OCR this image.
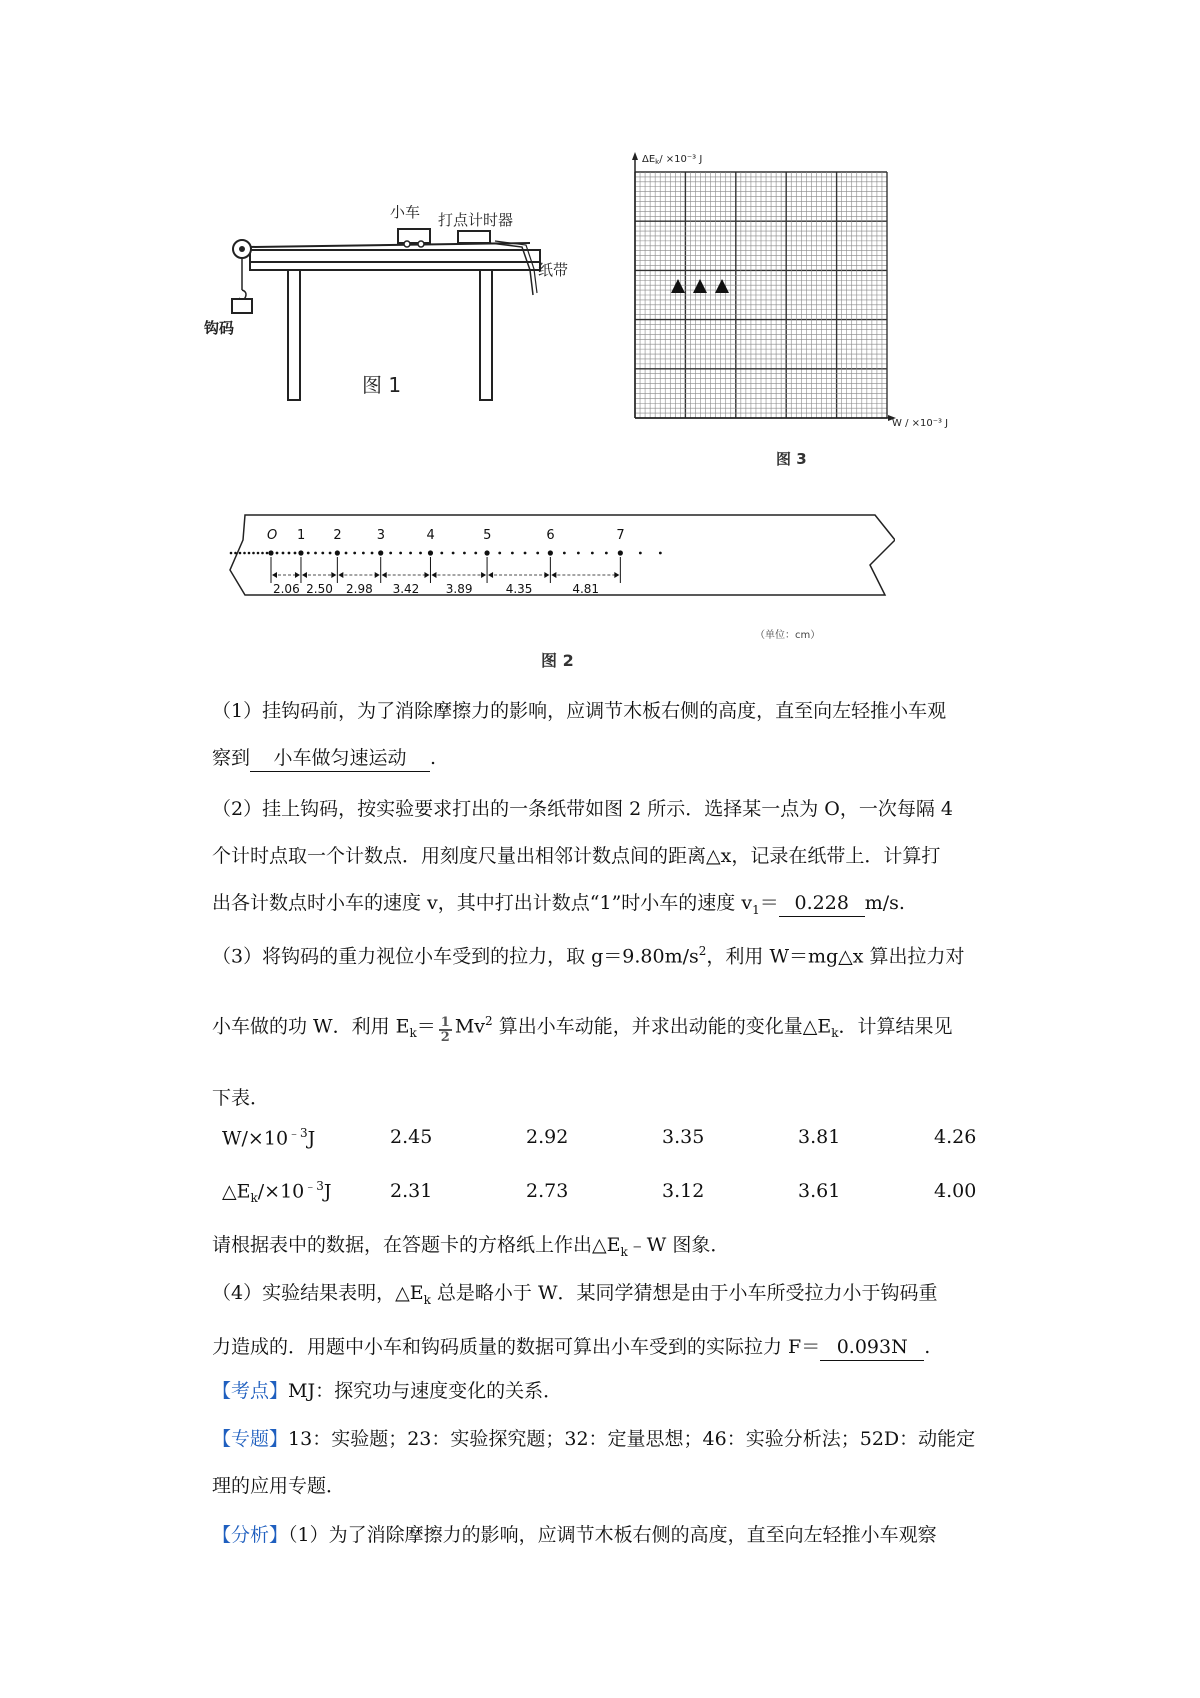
小车 打点计时器
纸带
钩码
图 1
$\Delta E_k/ \times 10^{-3}$ J
W / ×10⁻³ J
图 3
O 1 2	3	4	5	6	7
2.06 2.50 2.98 3.42 3.89	4.35	4.81
（单位：cm）
图 2
（1）挂钩码前，为了消除摩擦力的影响，应调节木板右侧的高度，直至向左轻推小车观
察到 小车做匀速运动 .
（2）挂上钩码，按实验要求打出的一条纸带如图 2 所示．选择某一点为 O，一次每隔 4
个计时点取一个计数点．用刻度尺量出相邻计数点间的距离△x，记录在纸带上．计算打
出各计数点时小车的速度 v，其中打出计数点“1”时小车的速度 $v_1= 0.228$ m/s.
（3）将钩码的重力视位小车受到的拉力，取 $g=9.80m/s^2$，利用 W＝mg△x 算出拉力对
小车做的功 W．利用 $E_k= \frac{1}{2} Mv^2$ 算出小车动能，并求出动能的变化量$\triangle E_k$．计算结果见
下表．
$W/\times 10^{﹣3}J$	2.45	2.92	3.35	3.81	4.26
$\triangle E_k/\times 10^{﹣3}J$	2.31	2.73	3.12	3.61	4.00
请根据表中的数据，在答题卡的方格纸上作出$\triangle E_k﹣W$ 图象．
（4）实验结果表明，$\triangle E_k$ 总是略小于 W．某同学猜想是由于小车所受拉力小于钩码重
力造成的．用题中小车和钩码质量的数据可算出小车受到的实际拉力 F＝ 0.093N .
【考点】MJ：探究功与速度变化的关系．
【专题】13：实验题；23：实验探究题；32：定量思想；46：实验分析法；52D：动能定
理的应用专题．
【分析】（1）为了消除摩擦力的影响，应调节木板右侧的高度，直至向左轻推小车观察
